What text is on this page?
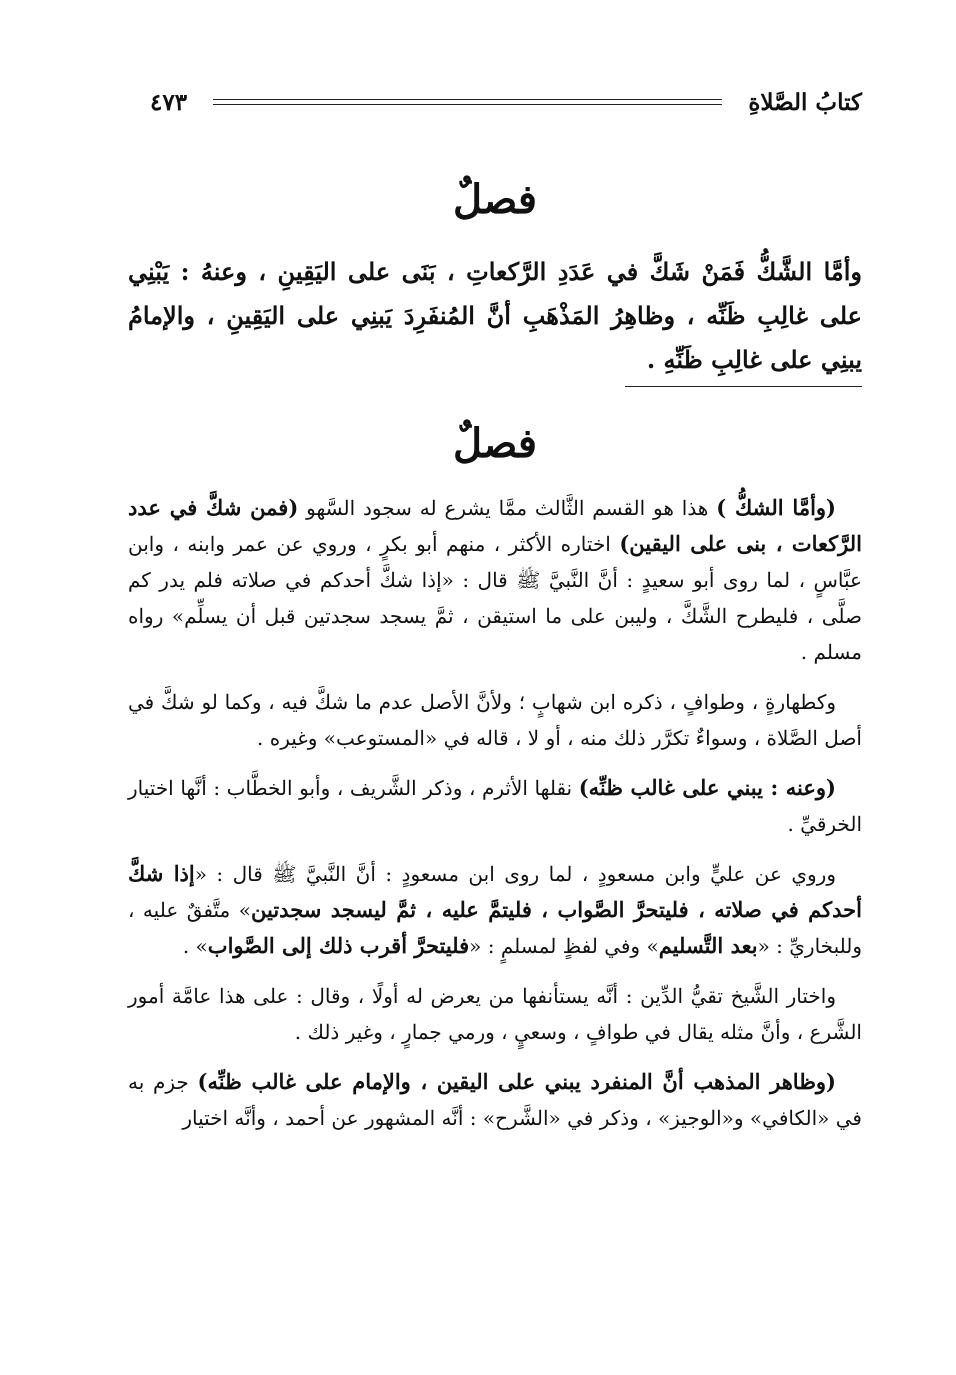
كتابُ الصَّلاةِ
٤٧٣
فصلٌ
وأمَّا الشَّكُّ فَمَنْ شَكَّ في عَدَدِ الرَّكعاتِ ، بَنَى على اليَقِينِ ، وعنهُ : يَبْنِي على غالِبِ ظَنِّه ، وظاهِرُ المَذْهَبِ أنَّ المُنفَرِدَ يَبنِي على اليَقِينِ ، والإمامُ يبنِي على غالِبِ ظَنِّهِ .
فصلٌ

(وأمَّا الشكُّ ) هذا هو القسم الثَّالث ممَّا يشرع له سجود السَّهو (فمن شكَّ في عدد الرَّكعات ، بنى على اليقين) اختاره الأكثر ، منهم أبو بكرٍ ، وروي عن عمر وابنه ، وابن عبَّاسٍ ، لما روى أبو سعيدٍ : أنَّ النَّبيَّ ﷺ قال : «إذا شكَّ أحدكم في صلاته فلم يدر كم صلَّى ، فليطرح الشَّكَّ ، وليبن على ما استيقن ، ثمَّ يسجد سجدتين قبل أن يسلِّم» رواه مسلم .

وكطهارةٍ ، وطوافٍ ، ذكره ابن شهابٍ ؛ ولأنَّ الأصل عدم ما شكَّ فيه ، وكما لو شكَّ في أصل الصَّلاة ، وسواءٌ تكرَّر ذلك منه ، أو لا ، قاله في «المستوعب» وغيره .

(وعنه : يبني على غالب ظنِّه) نقلها الأثرم ، وذكر الشَّريف ، وأبو الخطَّاب : أنَّها اختيار الخرقيِّ .

وروي عن عليٍّ وابن مسعودٍ ، لما روى ابن مسعودٍ : أنَّ النَّبيَّ ﷺ قال : «إذا شكَّ أحدكم في صلاته ، فليتحرَّ الصَّواب ، فليتمَّ عليه ، ثمَّ ليسجد سجدتين» متَّفقٌ عليه ، وللبخاريِّ : «بعد التَّسليم» وفي لفظٍ لمسلمٍ : «فليتحرَّ أقرب ذلك إلى الصَّواب» .

واختار الشَّيخ تقيُّ الدِّين : أنَّه يستأنفها من يعرض له أولًا ، وقال : على هذا عامَّة أمور الشَّرع ، وأنَّ مثله يقال في طوافٍ ، وسعيٍ ، ورمي جمارٍ ، وغير ذلك .

(وظاهر المذهب أنَّ المنفرد يبني على اليقين ، والإمام على غالب ظنِّه) جزم به في «الكافي» و«الوجيز» ، وذكر في «الشَّرح» : أنَّه المشهور عن أحمد ، وأنَّه اختيار
